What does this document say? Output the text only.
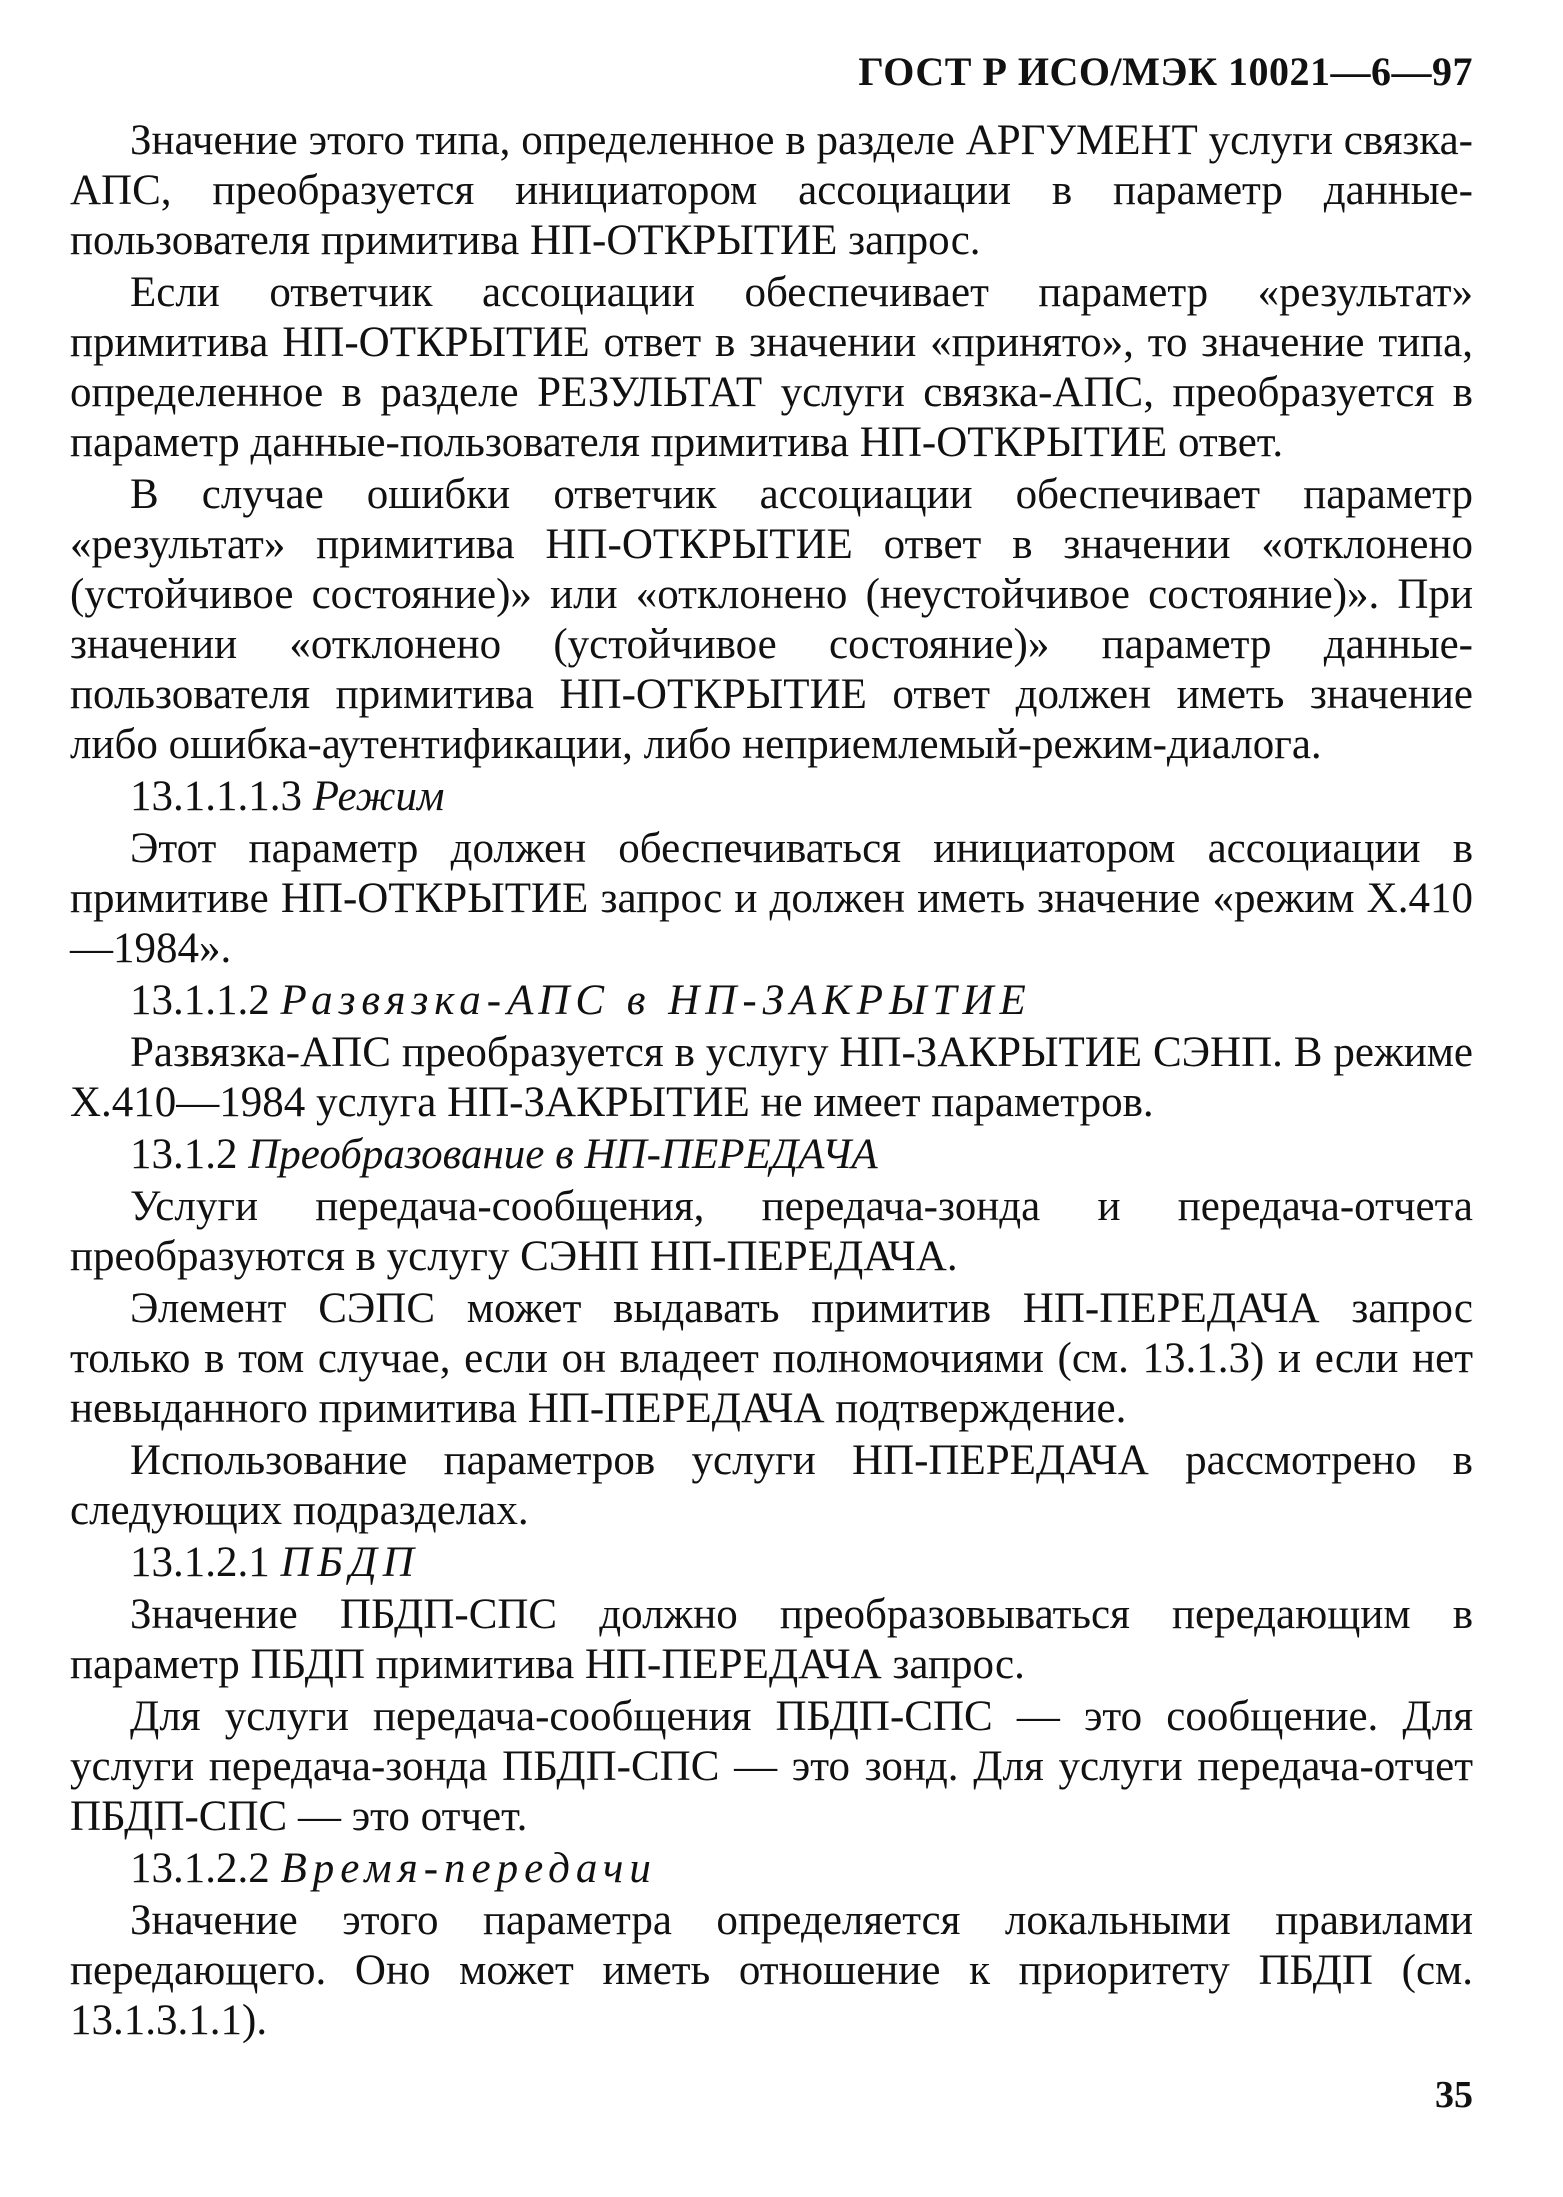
ГОСТ Р ИСО/МЭК 10021—6—97

Значение этого типа, определенное в разделе АРГУМЕНТ услуги связка-АПС, преобразуется инициатором ассоциации в параметр данные-пользователя примитива НП-ОТКРЫТИЕ запрос.

Если ответчик ассоциации обеспечивает параметр «результат» примитива НП-ОТКРЫТИЕ ответ в значении «принято», то значение типа, определенное в разделе РЕЗУЛЬТАТ услуги связка-АПС, преобразуется в параметр данные-пользователя примитива НП-ОТКРЫТИЕ ответ.

В случае ошибки ответчик ассоциации обеспечивает параметр «результат» примитива НП-ОТКРЫТИЕ ответ в значении «отклонено (устойчивое состояние)» или «отклонено (неустойчивое состояние)». При значении «отклонено (устойчивое состояние)» параметр данные-пользователя примитива НП-ОТКРЫТИЕ ответ должен иметь значение либо ошибка-аутентификации, либо неприемлемый-режим-диалога.

13.1.1.1.3 Режим

Этот параметр должен обеспечиваться инициатором ассоциации в примитиве НП-ОТКРЫТИЕ запрос и должен иметь значение «режим X.410—1984».

13.1.1.2 Развязка-АПС в НП-ЗАКРЫТИЕ

Развязка-АПС преобразуется в услугу НП-ЗАКРЫТИЕ СЭНП. В режиме X.410—1984 услуга НП-ЗАКРЫТИЕ не имеет параметров.

13.1.2 Преобразование в НП-ПЕРЕДАЧА

Услуги передача-сообщения, передача-зонда и передача-отчета преобразуются в услугу СЭНП НП-ПЕРЕДАЧА.

Элемент СЭПС может выдавать примитив НП-ПЕРЕДАЧА запрос только в том случае, если он владеет полномочиями (см. 13.1.3) и если нет невыданного примитива НП-ПЕРЕДАЧА подтверждение.

Использование параметров услуги НП-ПЕРЕДАЧА рассмотрено в следующих подразделах.

13.1.2.1 ПБДП

Значение ПБДП-СПС должно преобразовываться передающим в параметр ПБДП примитива НП-ПЕРЕДАЧА запрос.

Для услуги передача-сообщения ПБДП-СПС — это сообщение. Для услуги передача-зонда ПБДП-СПС — это зонд. Для услуги передача-отчет ПБДП-СПС — это отчет.

13.1.2.2 Время-передачи

Значение этого параметра определяется локальными правилами передающего. Оно может иметь отношение к приоритету ПБДП (см. 13.1.3.1.1).

35
